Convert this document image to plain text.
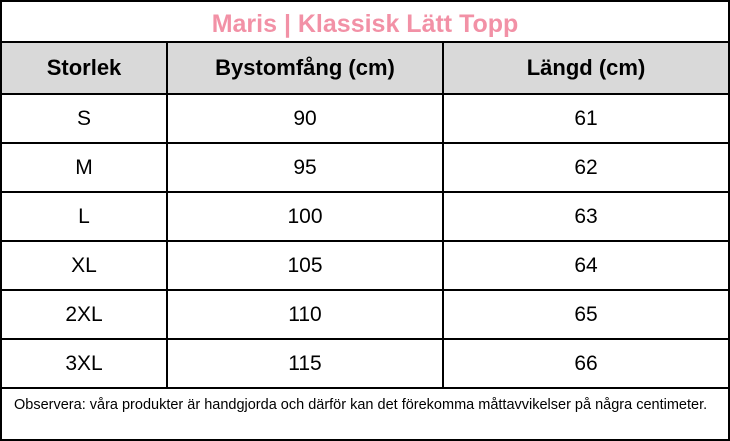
Maris | Klassisk Lätt Topp
Storlek	Bystomfång (cm)	Längd (cm)
S	90	61
M	95	62
L	100	63
XL	105	64
2XL	110	65
3XL	115	66
Observera: våra produkter är handgjorda och därför kan det förekomma måttavvikelser på några centimeter.
